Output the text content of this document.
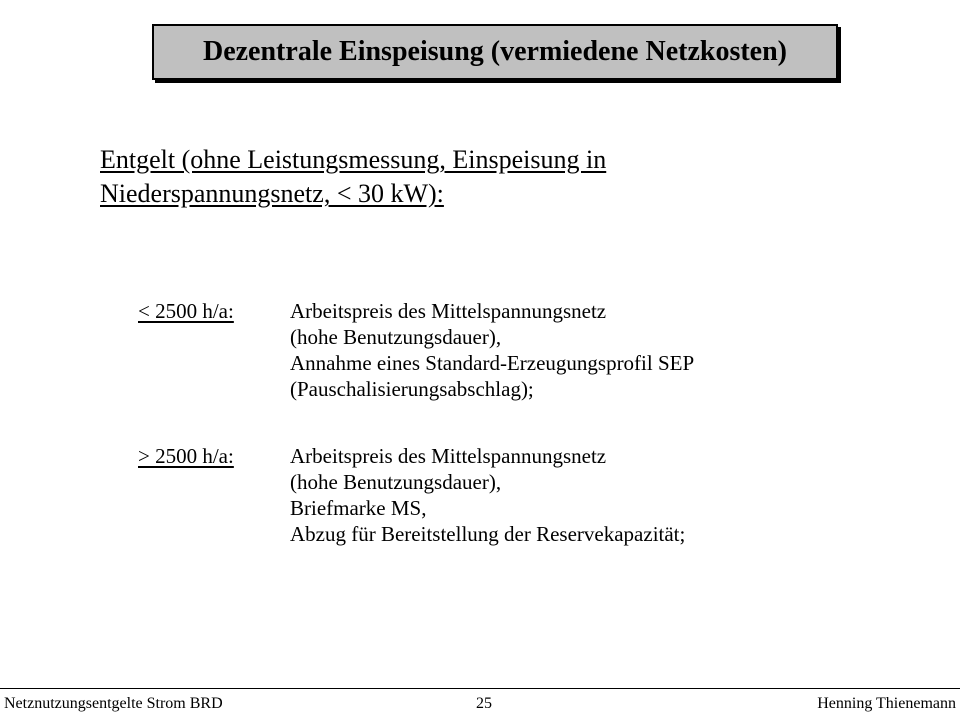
Dezentrale Einspeisung (vermiedene Netzkosten)
Entgelt (ohne Leistungsmessung, Einspeisung in
Niederspannungsnetz, < 30 kW):
< 2500 h/a:	Arbeitspreis des Mittelspannungsnetz
(hohe Benutzungsdauer),
Annahme eines Standard-Erzeugungsprofil SEP
(Pauschalisierungsabschlag);
> 2500 h/a:	Arbeitspreis des Mittelspannungsnetz
(hohe Benutzungsdauer),
Briefmarke MS,
Abzug für Bereitstellung der Reservekapazität;
Netznutzungsentgelte Strom BRD	25	Henning Thienemann
